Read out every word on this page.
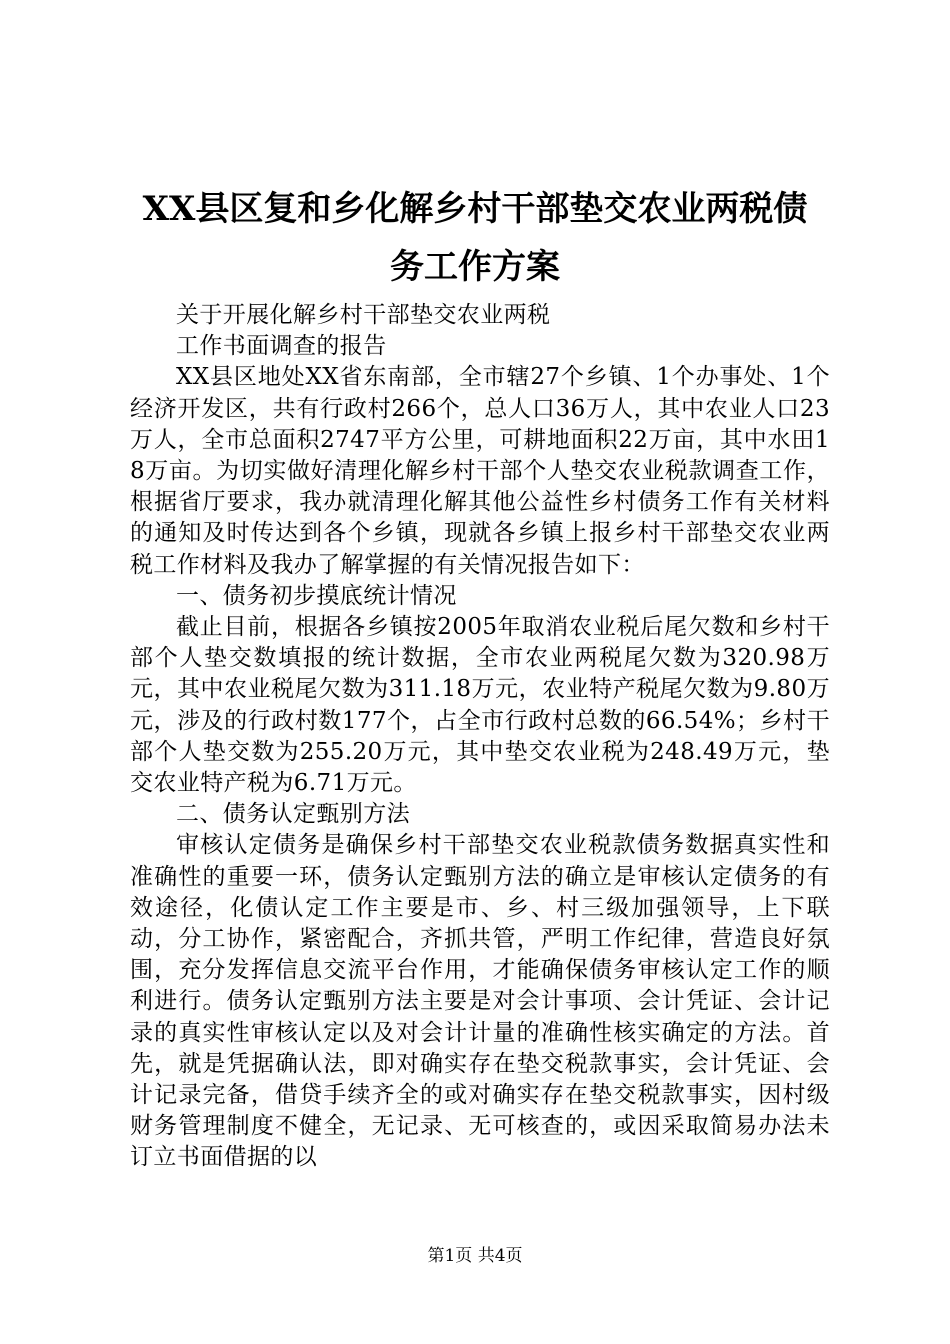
XX县区复和乡化解乡村干部垫交农业两税债
务工作方案

关于开展化解乡村干部垫交农业两税

工作书面调查的报告

XX县区地处XX省东南部，全市辖27个乡镇、1个办事处、1个经济开发区，共有行政村266个，总人口36万人，其中农业人口23万人，全市总面积2747平方公里，可耕地面积22万亩，其中水田18万亩。为切实做好清理化解乡村干部个人垫交农业税款调查工作，根据省厅要求，我办就清理化解其他公益性乡村债务工作有关材料的通知及时传达到各个乡镇，现就各乡镇上报乡村干部垫交农业两税工作材料及我办了解掌握的有关情况报告如下：

一、债务初步摸底统计情况

截止目前，根据各乡镇按2005年取消农业税后尾欠数和乡村干部个人垫交数填报的统计数据，全市农业两税尾欠数为320.98万元，其中农业税尾欠数为311.18万元，农业特产税尾欠数为9.80万元，涉及的行政村数177个，占全市行政村总数的66.54%；乡村干部个人垫交数为255.20万元，其中垫交农业税为248.49万元，垫交农业特产税为6.71万元。

二、债务认定甄别方法

审核认定债务是确保乡村干部垫交农业税款债务数据真实性和准确性的重要一环，债务认定甄别方法的确立是审核认定债务的有效途径，化债认定工作主要是市、乡、村三级加强领导，上下联动，分工协作，紧密配合，齐抓共管，严明工作纪律，营造良好氛围，充分发挥信息交流平台作用，才能确保债务审核认定工作的顺利进行。债务认定甄别方法主要是对会计事项、会计凭证、会计记录的真实性审核认定以及对会计计量的准确性核实确定的方法。首先，就是凭据确认法，即对确实存在垫交税款事实，会计凭证、会计记录完备，借贷手续齐全的或对确实存在垫交税款事实，因村级财务管理制度不健全，无记录、无可核查的，或因采取简易办法未订立书面借据的以

第1页 共4页
